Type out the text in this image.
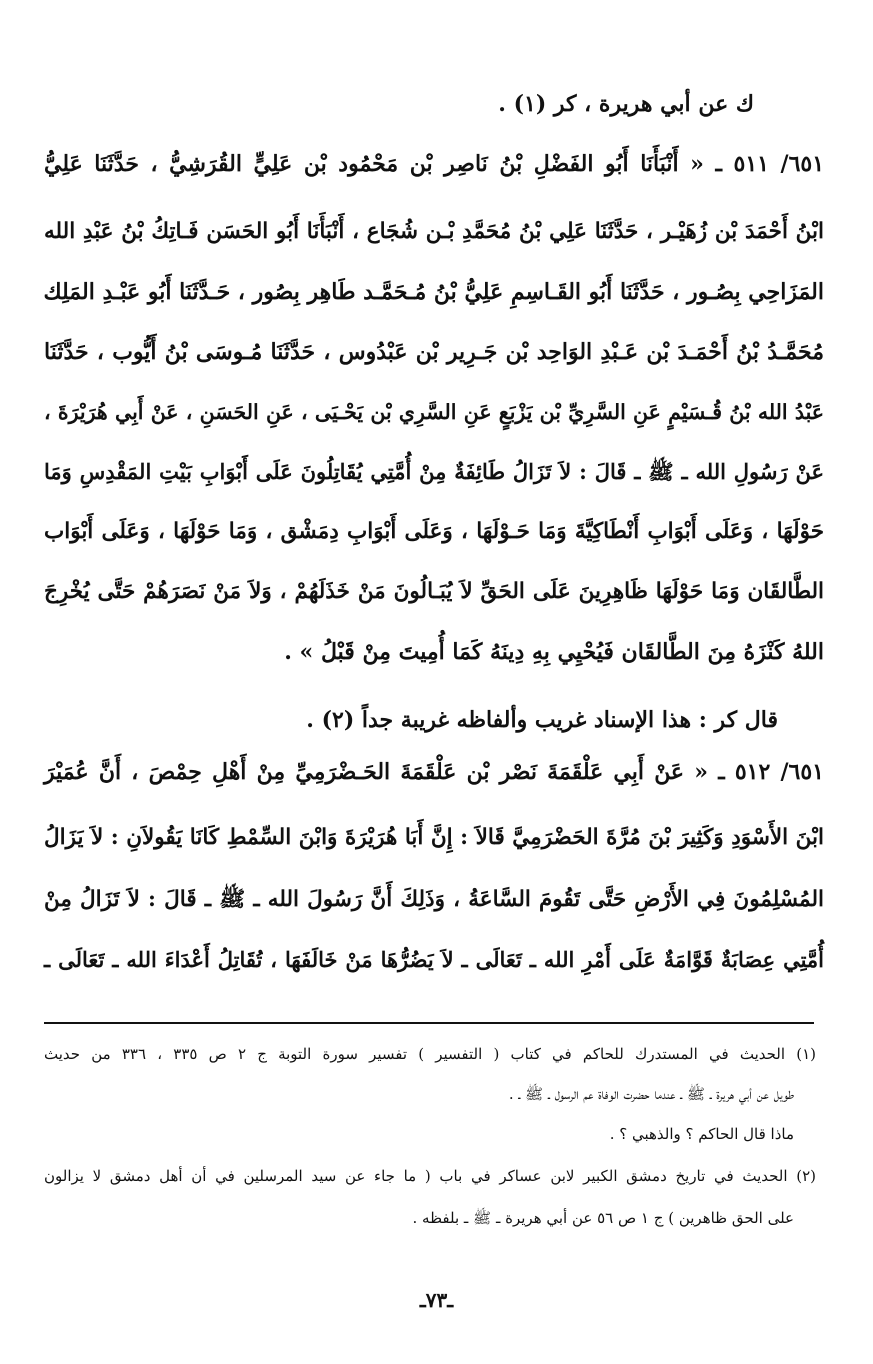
ك عن أبي هريرة ، كر (١) .
٦٥١/ ٥١١ ـ « أَنْبَأَنَا أَبُو الفَضْلِ بْنُ نَاصِر بْن مَحْمُود بْن عَلِيٍّ القُرَشِيُّ ، حَدَّثَنَا عَلِيُّ
ابْنُ أَحْمَدَ بْن زُهَيْـر ، حَدَّثَنَا عَلِي بْنُ مُحَمَّدِ بْـن شُجَاع ، أَنْبَأَنَا أَبُو الحَسَن فَـاتِكُ بْنُ عَبْدِ الله
المَزَاحِي بِصُـور ، حَدَّثَنَا أَبُو القَـاسِمِ عَلِيُّ بْنُ مُـحَمَّـد طَاهِر بِصُور ، حَـدَّثَنَا أَبُو عَبْـدِ المَلِك
مُحَمَّـدُ بْنُ أَحْمَـدَ بْن عَـبْدِ الوَاحِد بْن جَـرِير بْن عَبْدُوس ، حَدَّثَنَا مُـوسَى بْنُ أَيُّوب ، حَدَّثَنَا
عَبْدُ الله بْنُ قُـسَيْمٍ عَنِ السَّرِيِّ بْن يَزْبَعٍ عَنِ السَّرِي بْن يَحْـيَى ، عَنِ الحَسَنِ ، عَنْ أَبِي هُرَيْرَةَ ،
عَنْ رَسُولِ الله ـ ﷺ ـ قَالَ : لاَ تَزَالُ طَائِفَةٌ مِنْ أُمَّتِي يُقَاتِلُونَ عَلَى أَبْوَابِ بَيْتِ المَقْدِسِ وَمَا
حَوْلَهَا ، وَعَلَى أَبْوَابِ أَنْطَاكِيَّةَ وَمَا حَـوْلَهَا ، وَعَلَى أَبْوَابِ دِمَشْق ، وَمَا حَوْلَهَا ، وَعَلَى أَبْوَاب
الطَّالقَان وَمَا حَوْلَهَا ظَاهِرِينَ عَلَى الحَقِّ لاَ يُبَـالُونَ مَنْ خَذَلَهُمْ ، وَلاَ مَنْ نَصَرَهُمْ حَتَّى يُخْرِجَ
اللهُ كَنْزَهُ مِنَ الطَّالقَان فَيُحْيِي بِهِ دِينَهُ كَمَا أُمِيتَ مِنْ قَبْلُ » .
قال كر : هذا الإسناد غريب وألفاظه غريبة جداً (٢) .
٦٥١/ ٥١٢ ـ « عَنْ أَبِي عَلْقَمَةَ نَصْر بْن عَلْقَمَةَ الحَـضْرَمِيِّ مِنْ أَهْلِ حِمْصَ ، أَنَّ عُمَيْرَ
ابْنَ الأَسْوَدِ وَكَثِيرَ بْنَ مُرَّةَ الحَضْرَمِيَّ قَالاَ : إِنَّ أَبَا هُرَيْرَةَ وَابْنَ السِّمْطِ كَانَا يَقُولاَنِ : لاَ يَزَالُ
المُسْلِمُونَ فِي الأَرْضِ حَتَّى تَقُومَ السَّاعَةُ ، وَذَلِكَ أَنَّ رَسُولَ الله ـ ﷺ ـ قَالَ : لاَ تَزَالُ مِنْ
أُمَّتِي عِصَابَةٌ قَوَّامَةٌ عَلَى أَمْرِ الله ـ تَعَالَى ـ لاَ يَضُرُّهَا مَنْ خَالَفَهَا ، تُقَاتِلُ أَعْدَاءَ الله ـ تَعَالَى ـ
(١) الحديث في المستدرك للحاكم في كتاب ( التفسير ) تفسير سورة التوبة ج ٢ ص ٣٣٥ ، ٣٣٦ من حديث
طويل عن أبي هريرة ـ ﷺ ـ عندما حضرت الوفاة عم الرسول ـ ﷺ ـ .
ماذا قال الحاكم ؟ والذهبي ؟ .
(٢) الحديث في تاريخ دمشق الكبير لابن عساكر في باب ( ما جاء عن سيد المرسلين في أن أهل دمشق لا يزالون
على الحق ظاهرين ) ج ١ ص ٥٦ عن أبي هريرة ـ ﷺ ـ بلفظه .
ـ٧٣ـ
